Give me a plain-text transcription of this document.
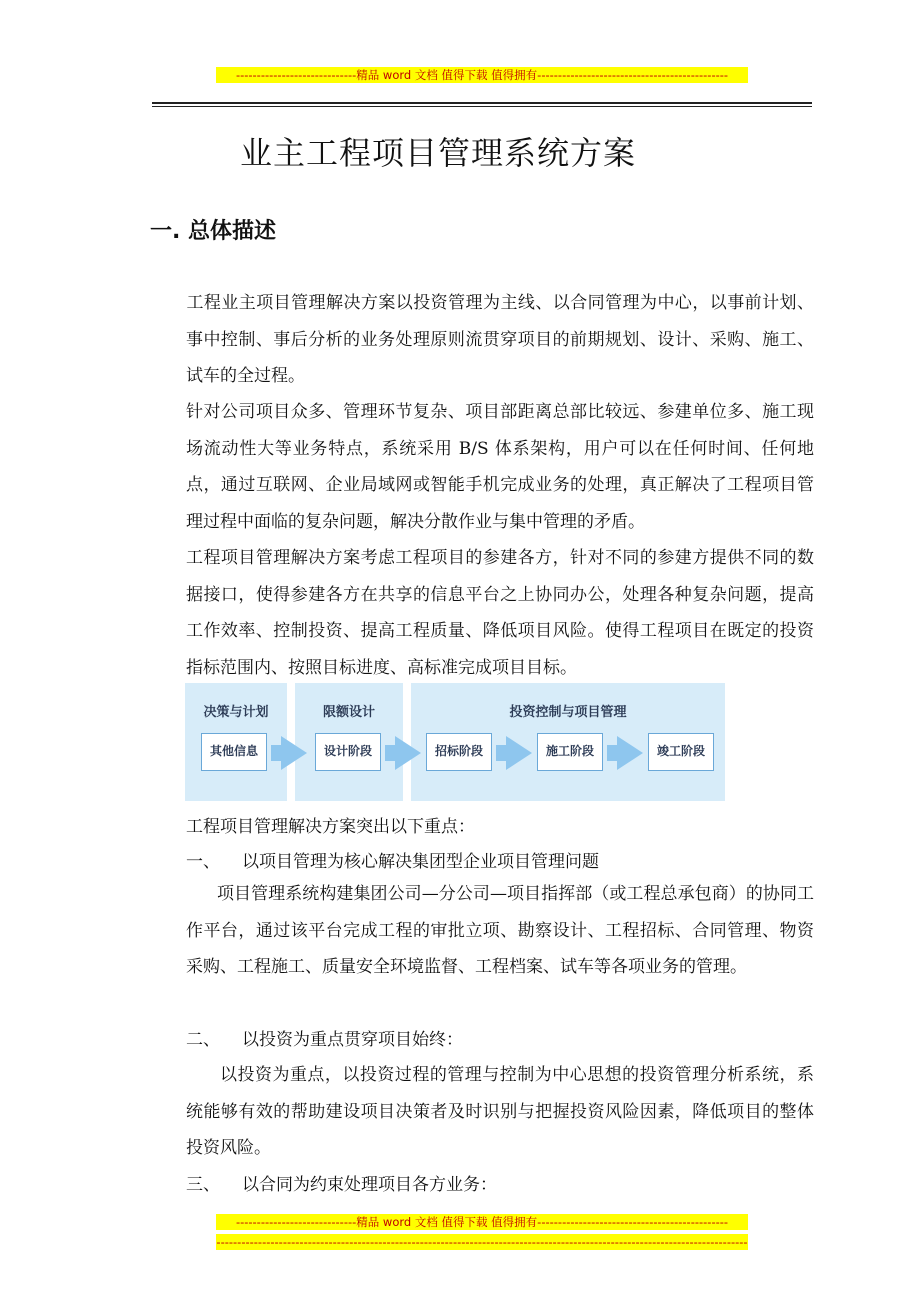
-----------------------------精品 word 文档 值得下载 值得拥有----------------------------------------------
业主工程项目管理系统方案
一. 总体描述
工程业主项目管理解决方案以投资管理为主线、以合同管理为中心，以事前计划、事中控制、事后分析的业务处理原则流贯穿项目的前期规划、设计、采购、施工、试车的全过程。
针对公司项目众多、管理环节复杂、项目部距离总部比较远、参建单位多、施工现场流动性大等业务特点，系统采用 B/S 体系架构，用户可以在任何时间、任何地点，通过互联网、企业局域网或智能手机完成业务的处理，真正解决了工程项目管理过程中面临的复杂问题，解决分散作业与集中管理的矛盾。
工程项目管理解决方案考虑工程项目的参建各方，针对不同的参建方提供不同的数据接口，使得参建各方在共享的信息平台之上协同办公，处理各种复杂问题，提高工作效率、控制投资、提高工程质量、降低项目风险。使得工程项目在既定的投资指标范围内、按照目标进度、高标准完成项目目标。
决策与计划	限额设计	投资控制与项目管理
其他信息	设计阶段	招标阶段	施工阶段	竣工阶段
工程项目管理解决方案突出以下重点：
一、 以项目管理为核心解决集团型企业项目管理问题
项目管理系统构建集团公司—分公司—项目指挥部（或工程总承包商）的协同工作平台，通过该平台完成工程的审批立项、勘察设计、工程招标、合同管理、物资采购、工程施工、质量安全环境监督、工程档案、试车等各项业务的管理。
二、 以投资为重点贯穿项目始终：
以投资为重点，以投资过程的管理与控制为中心思想的投资管理分析系统，系统能够有效的帮助建设项目决策者及时识别与把握投资风险因素，降低项目的整体投资风险。
三、 以合同为约束处理项目各方业务：
-----------------------------精品 word 文档 值得下载 值得拥有----------------------------------------------
--------------------------------------------------------------------------------------------------------------------------------
